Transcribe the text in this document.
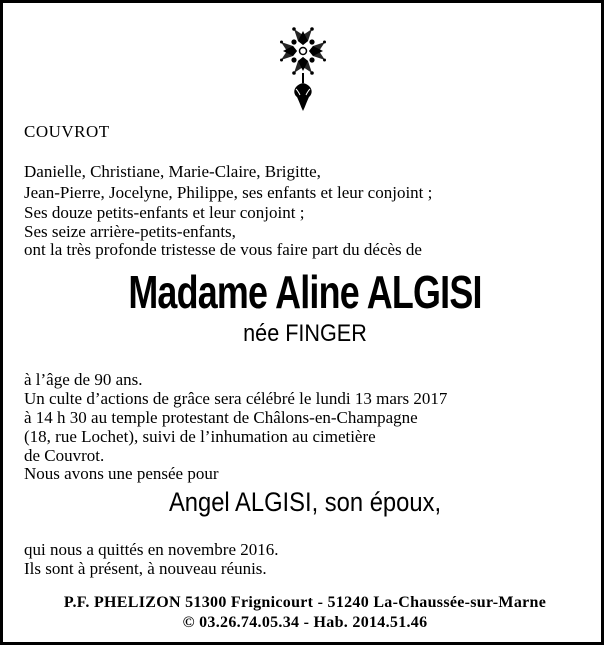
COUVROT
Danielle, Christiane, Marie-Claire, Brigitte,
Jean-Pierre, Jocelyne, Philippe, ses enfants et leur conjoint ;
Ses douze petits-enfants et leur conjoint ;
Ses seize arrière-petits-enfants,
ont la très profonde tristesse de vous faire part du décès de
Madame Aline ALGISI
née FINGER
à l’âge de 90 ans.
Un culte d’actions de grâce sera célébré le lundi 13 mars 2017
à 14 h 30 au temple protestant de Châlons-en-Champagne
(18, rue Lochet), suivi de l’inhumation au cimetière
de Couvrot.
Nous avons une pensée pour
Angel ALGISI, son époux,
qui nous a quittés en novembre 2016.
Ils sont à présent, à nouveau réunis.
P.F. PHELIZON 51300 Frignicourt - 51240 La-Chaussée-sur-Marne
© 03.26.74.05.34 - Hab. 2014.51.46
